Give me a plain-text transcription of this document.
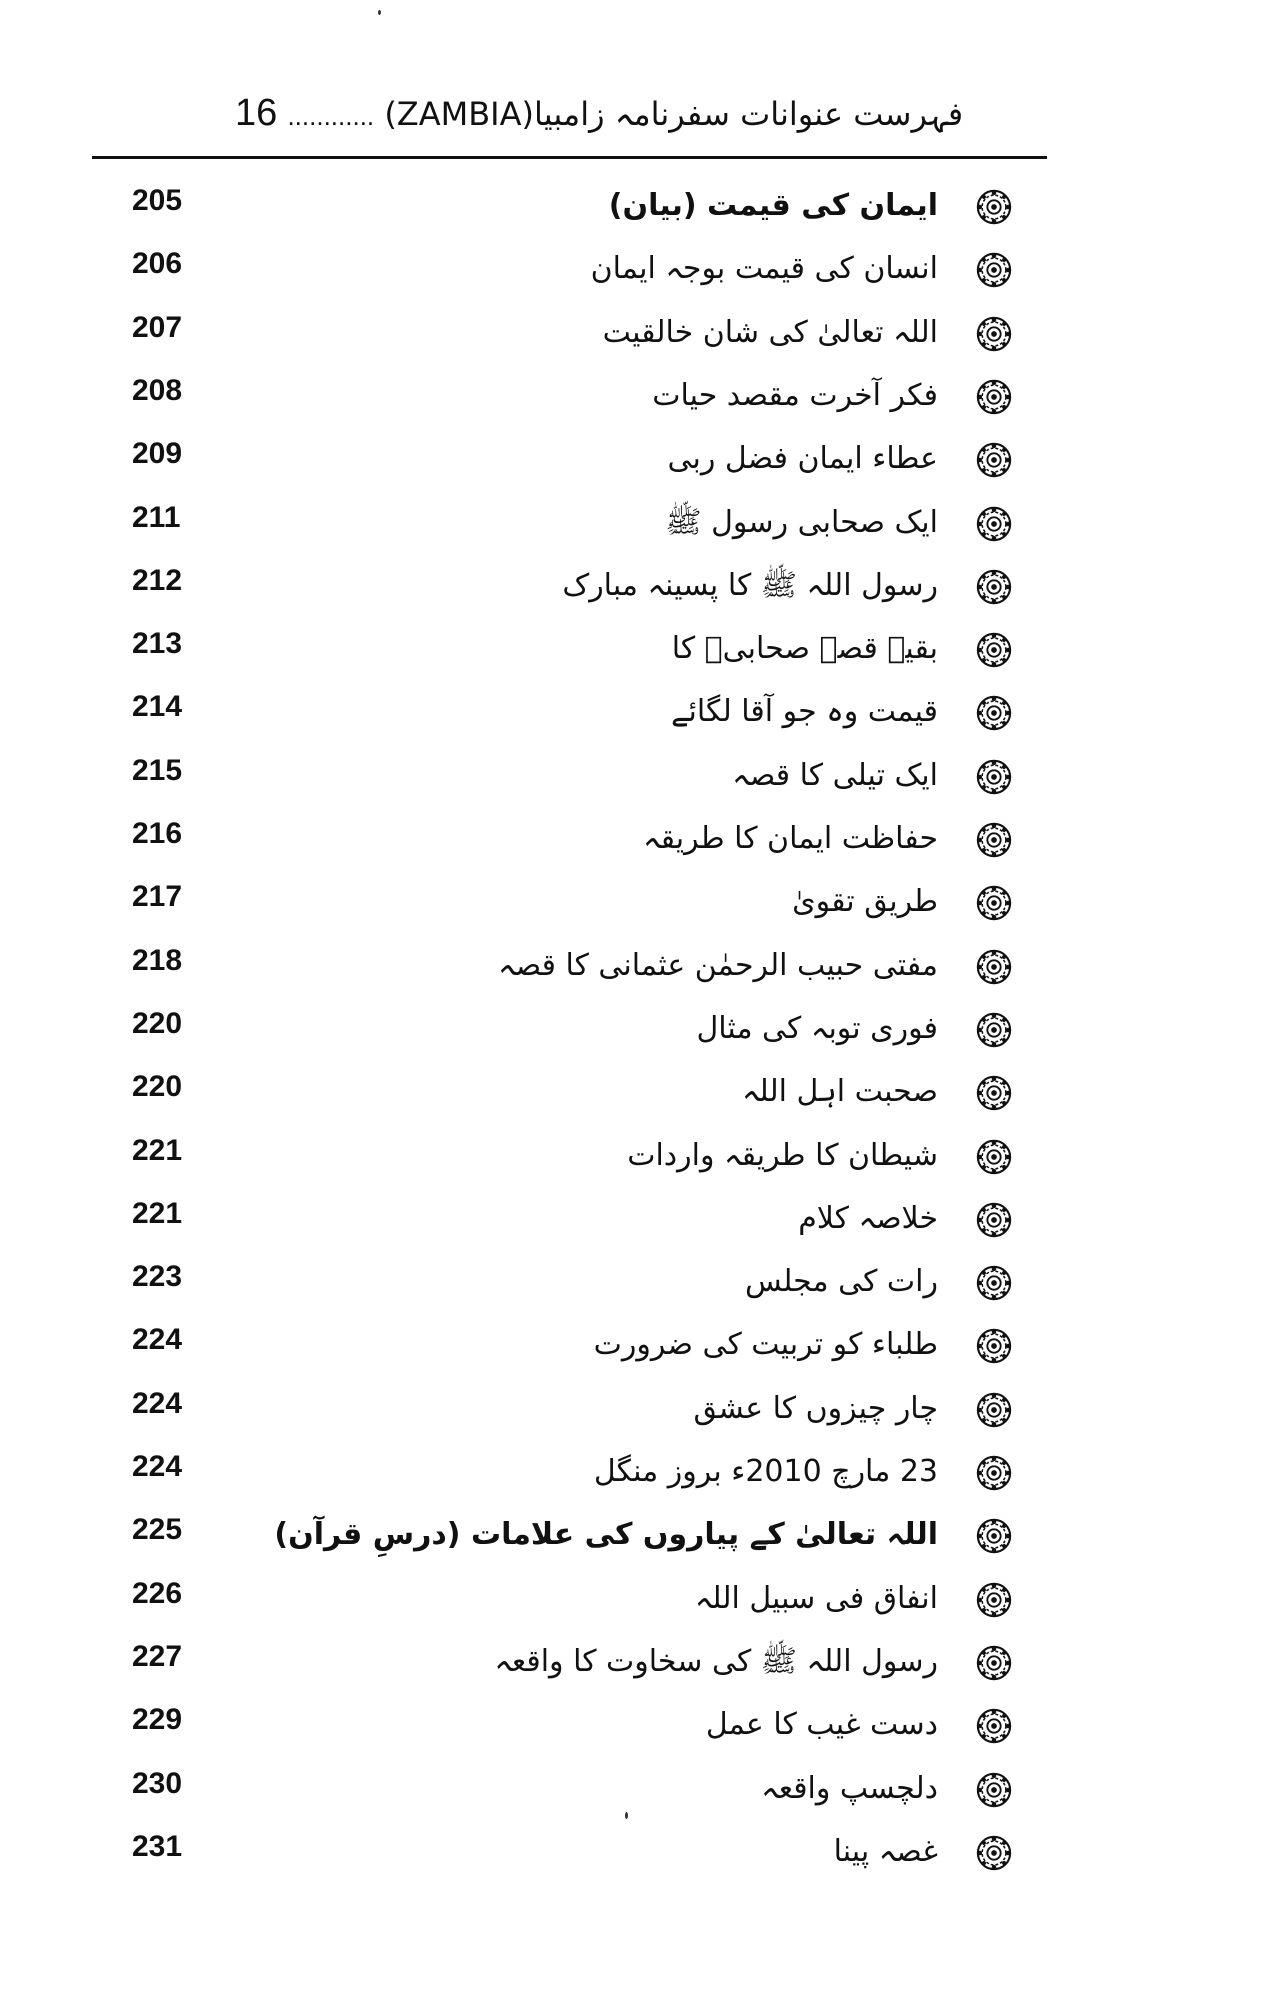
16 ............ فہرست عنوانات سفرنامہ زامبیا(ZAMBIA)
205	ایمان کی قیمت (بیان)
206	انسان کی قیمت بوجہ ایمان
207	اللہ تعالیٰ کی شان خالقیت
208	فکر آخرت مقصد حیات
209	عطاء ایمان فضل ربی
211	ایک صحابی رسول ﷺ
212	رسول اللہ ﷺ کا پسینہ مبارک
213	بقیہ قصہ صحابیؓ کا
214	قیمت وہ جو آقا لگائے
215	ایک تیلی کا قصہ
216	حفاظت ایمان کا طریقہ
217	طریق تقویٰ
218	مفتی حبیب الرحمٰن عثمانی کا قصہ
220	فوری توبہ کی مثال
220	صحبت اہل اللہ
221	شیطان کا طریقہ واردات
221	خلاصہ کلام
223	رات کی مجلس
224	طلباء کو تربیت کی ضرورت
224	چار چیزوں کا عشق
224	23 مارچ 2010ء بروز منگل
225	اللہ تعالیٰ کے پیاروں کی علامات (درسِ قرآن)
226	انفاق فی سبیل اللہ
227	رسول اللہ ﷺ کی سخاوت کا واقعہ
229	دست غیب کا عمل
230	دلچسپ واقعہ
231	غصہ پینا
